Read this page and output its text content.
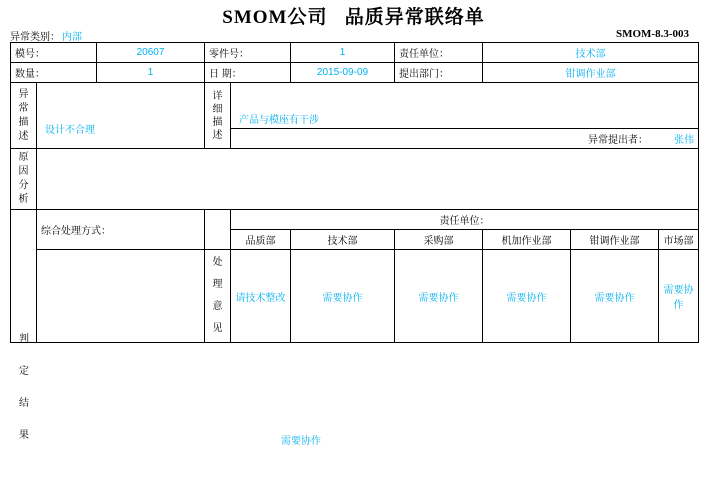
SMOM公司   品质异常联络单
SMOM-8.3-003
异常类别： 内部
模号：		20607	零件号：		1	责任单位：	技术部		
数量：		1	日 期：		2015-09-09	提出部门：	钳调作业部		

异
常
描
述	设计不合理		详
细
描
述	产品与模座有干涉					

				异常提出者： 张伟					

原
因
分
析									

	综合处理方式：			责任单位：					
				品质部	技术部	采购部	机加作业部	钳调作业部	市场部

			处
理
意
见	请技术整改	需要协作	需要协作	需要协作	需要协作	需要协作
判
定
结
果
需要协作
